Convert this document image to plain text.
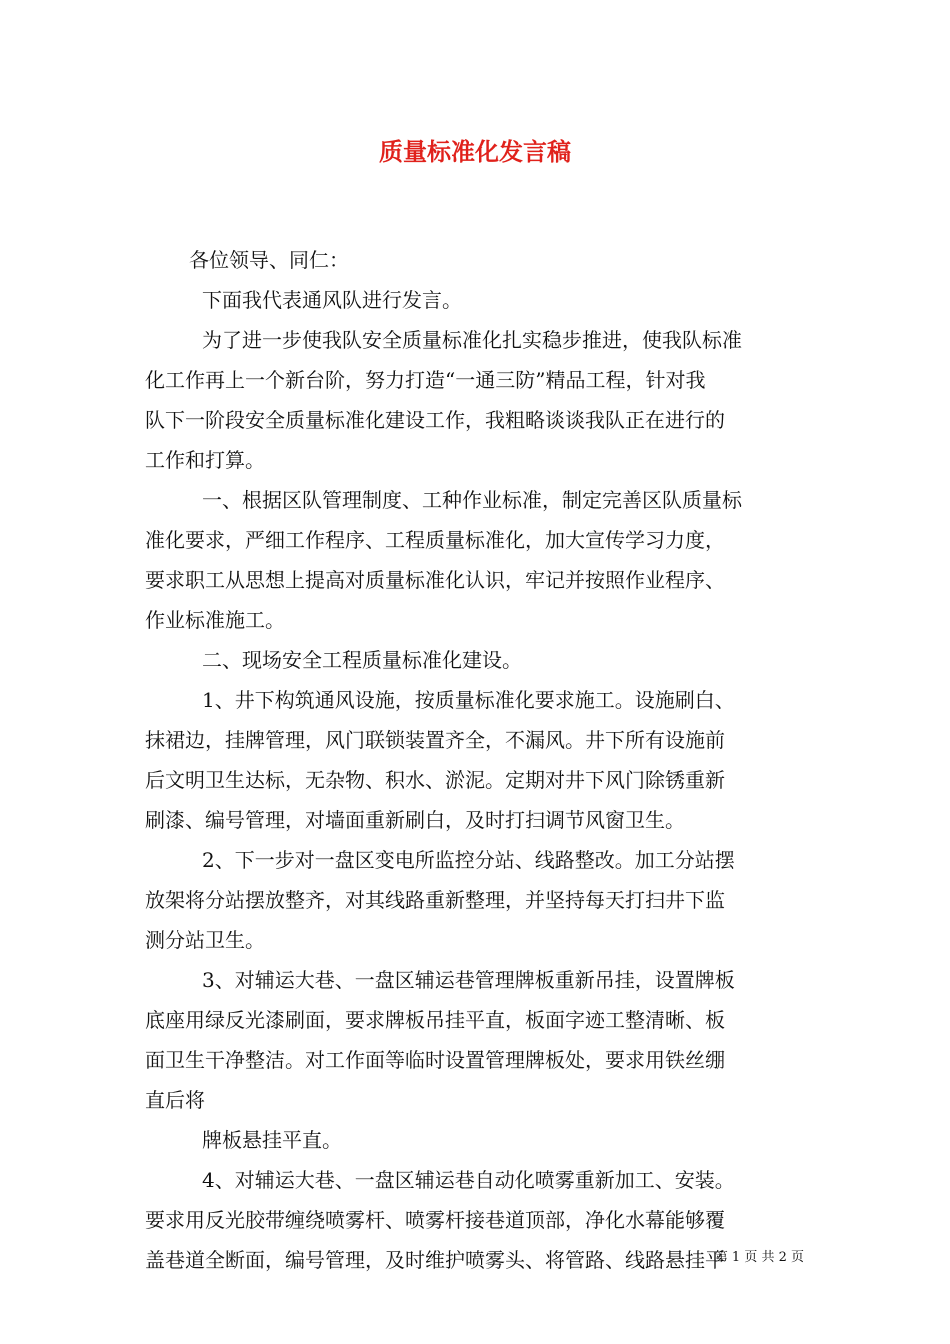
质量标准化发言稿
各位领导、同仁：
下面我代表通风队进行发言。
为了进一步使我队安全质量标准化扎实稳步推进，使我队标准
化工作再上一个新台阶，努力打造“一通三防”精品工程，针对我
队下一阶段安全质量标准化建设工作，我粗略谈谈我队正在进行的
工作和打算。
一、根据区队管理制度、工种作业标准，制定完善区队质量标
准化要求，严细工作程序、工程质量标准化，加大宣传学习力度，
要求职工从思想上提高对质量标准化认识，牢记并按照作业程序、
作业标准施工。
二、现场安全工程质量标准化建设。
1、井下构筑通风设施，按质量标准化要求施工。设施刷白、
抹裙边，挂牌管理，风门联锁装置齐全，不漏风。井下所有设施前
后文明卫生达标，无杂物、积水、淤泥。定期对井下风门除锈重新
刷漆、编号管理，对墙面重新刷白，及时打扫调节风窗卫生。
2、下一步对一盘区变电所监控分站、线路整改。加工分站摆
放架将分站摆放整齐，对其线路重新整理，并坚持每天打扫井下监
测分站卫生。
3、对辅运大巷、一盘区辅运巷管理牌板重新吊挂，设置牌板
底座用绿反光漆刷面，要求牌板吊挂平直，板面字迹工整清晰、板
面卫生干净整洁。对工作面等临时设置管理牌板处，要求用铁丝绷
直后将
牌板悬挂平直。
4、对辅运大巷、一盘区辅运巷自动化喷雾重新加工、安装。
要求用反光胶带缠绕喷雾杆、喷雾杆接巷道顶部，净化水幕能够覆
盖巷道全断面，编号管理，及时维护喷雾头、将管路、线路悬挂平
第 1 页 共 2 页
